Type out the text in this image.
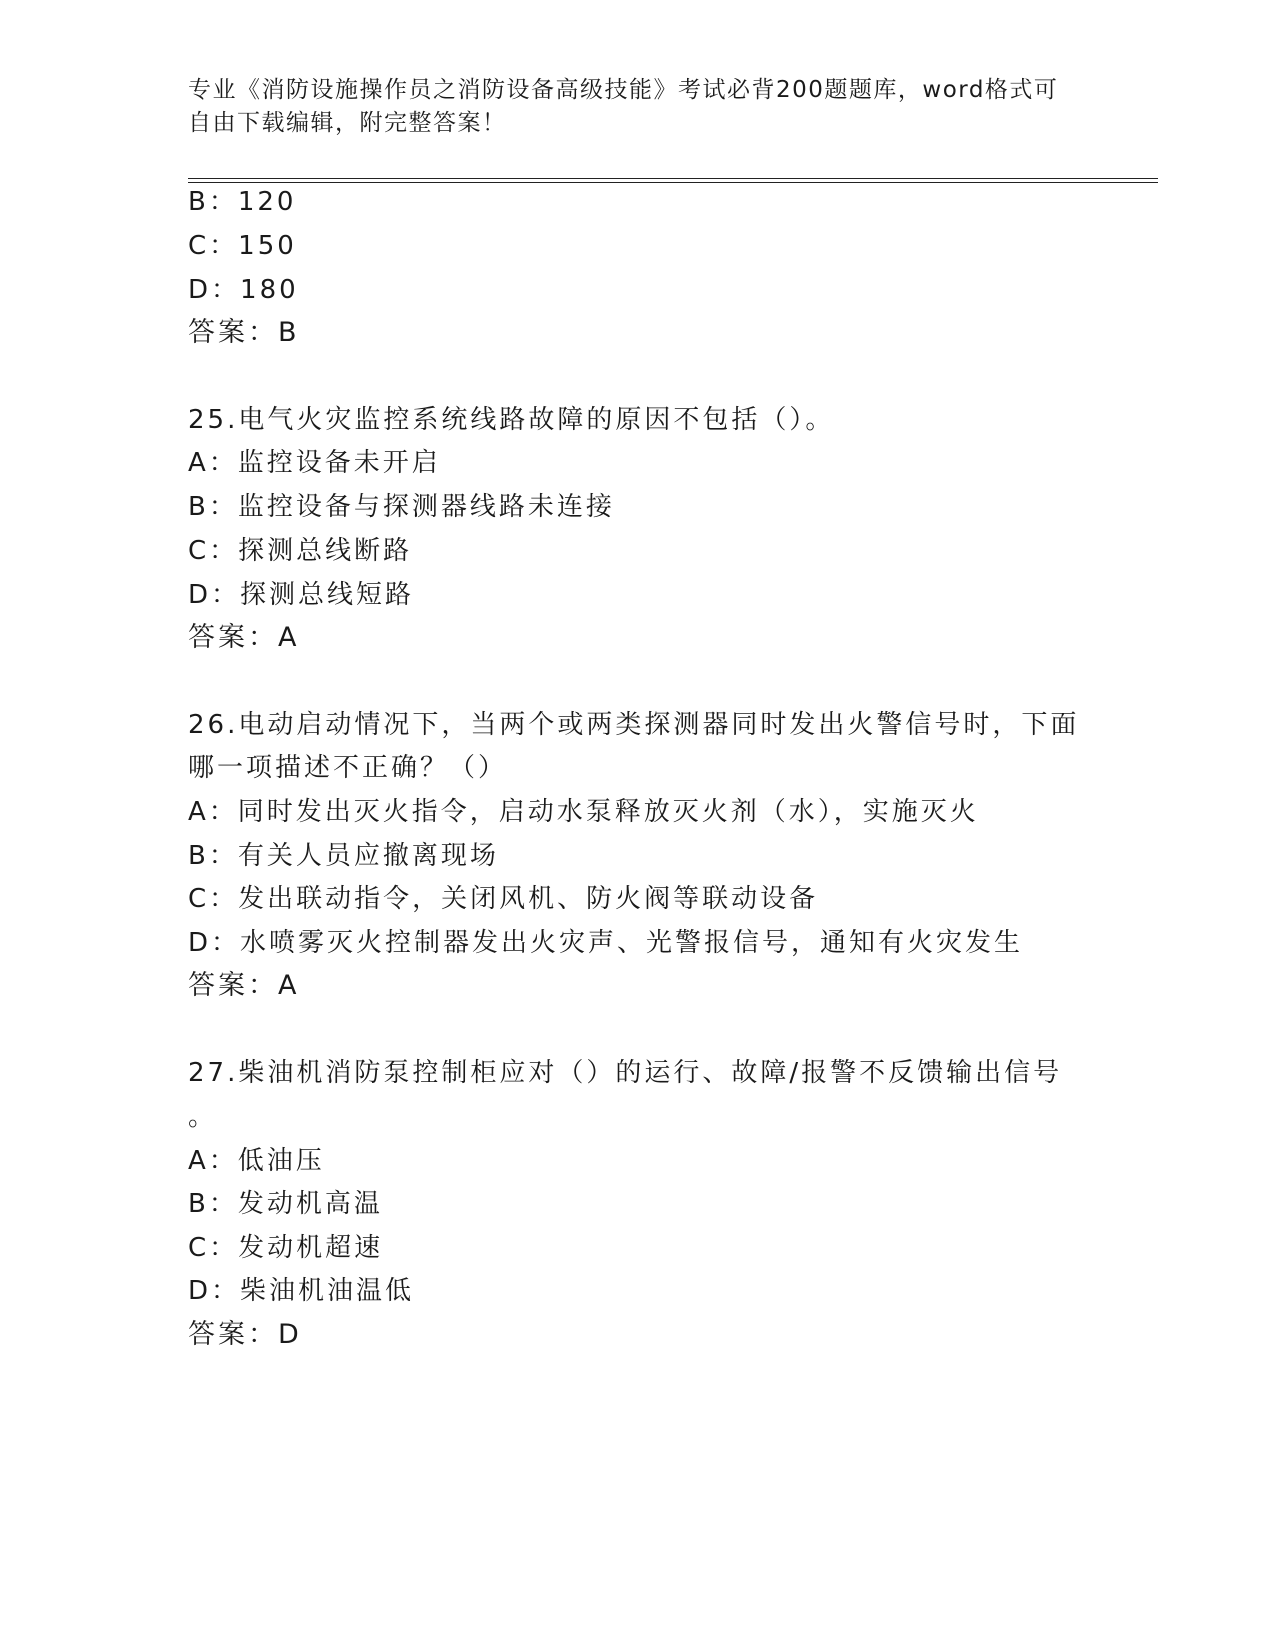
专业《消防设施操作员之消防设备高级技能》考试必背200题题库，word格式可
自由下载编辑，附完整答案！
B：120
C：150
D：180
答案：B
25.电气火灾监控系统线路故障的原因不包括（）。
A：监控设备未开启
B：监控设备与探测器线路未连接
C：探测总线断路
D：探测总线短路
答案：A
26.电动启动情况下，当两个或两类探测器同时发出火警信号时，下面
哪一项描述不正确？（）
A：同时发出灭火指令，启动水泵释放灭火剂（水），实施灭火
B：有关人员应撤离现场
C：发出联动指令，关闭风机、防火阀等联动设备
D：水喷雾灭火控制器发出火灾声、光警报信号，通知有火灾发生
答案：A
27.柴油机消防泵控制柜应对（）的运行、故障/报警不反馈输出信号
。
A：低油压
B：发动机高温
C：发动机超速
D：柴油机油温低
答案：D
